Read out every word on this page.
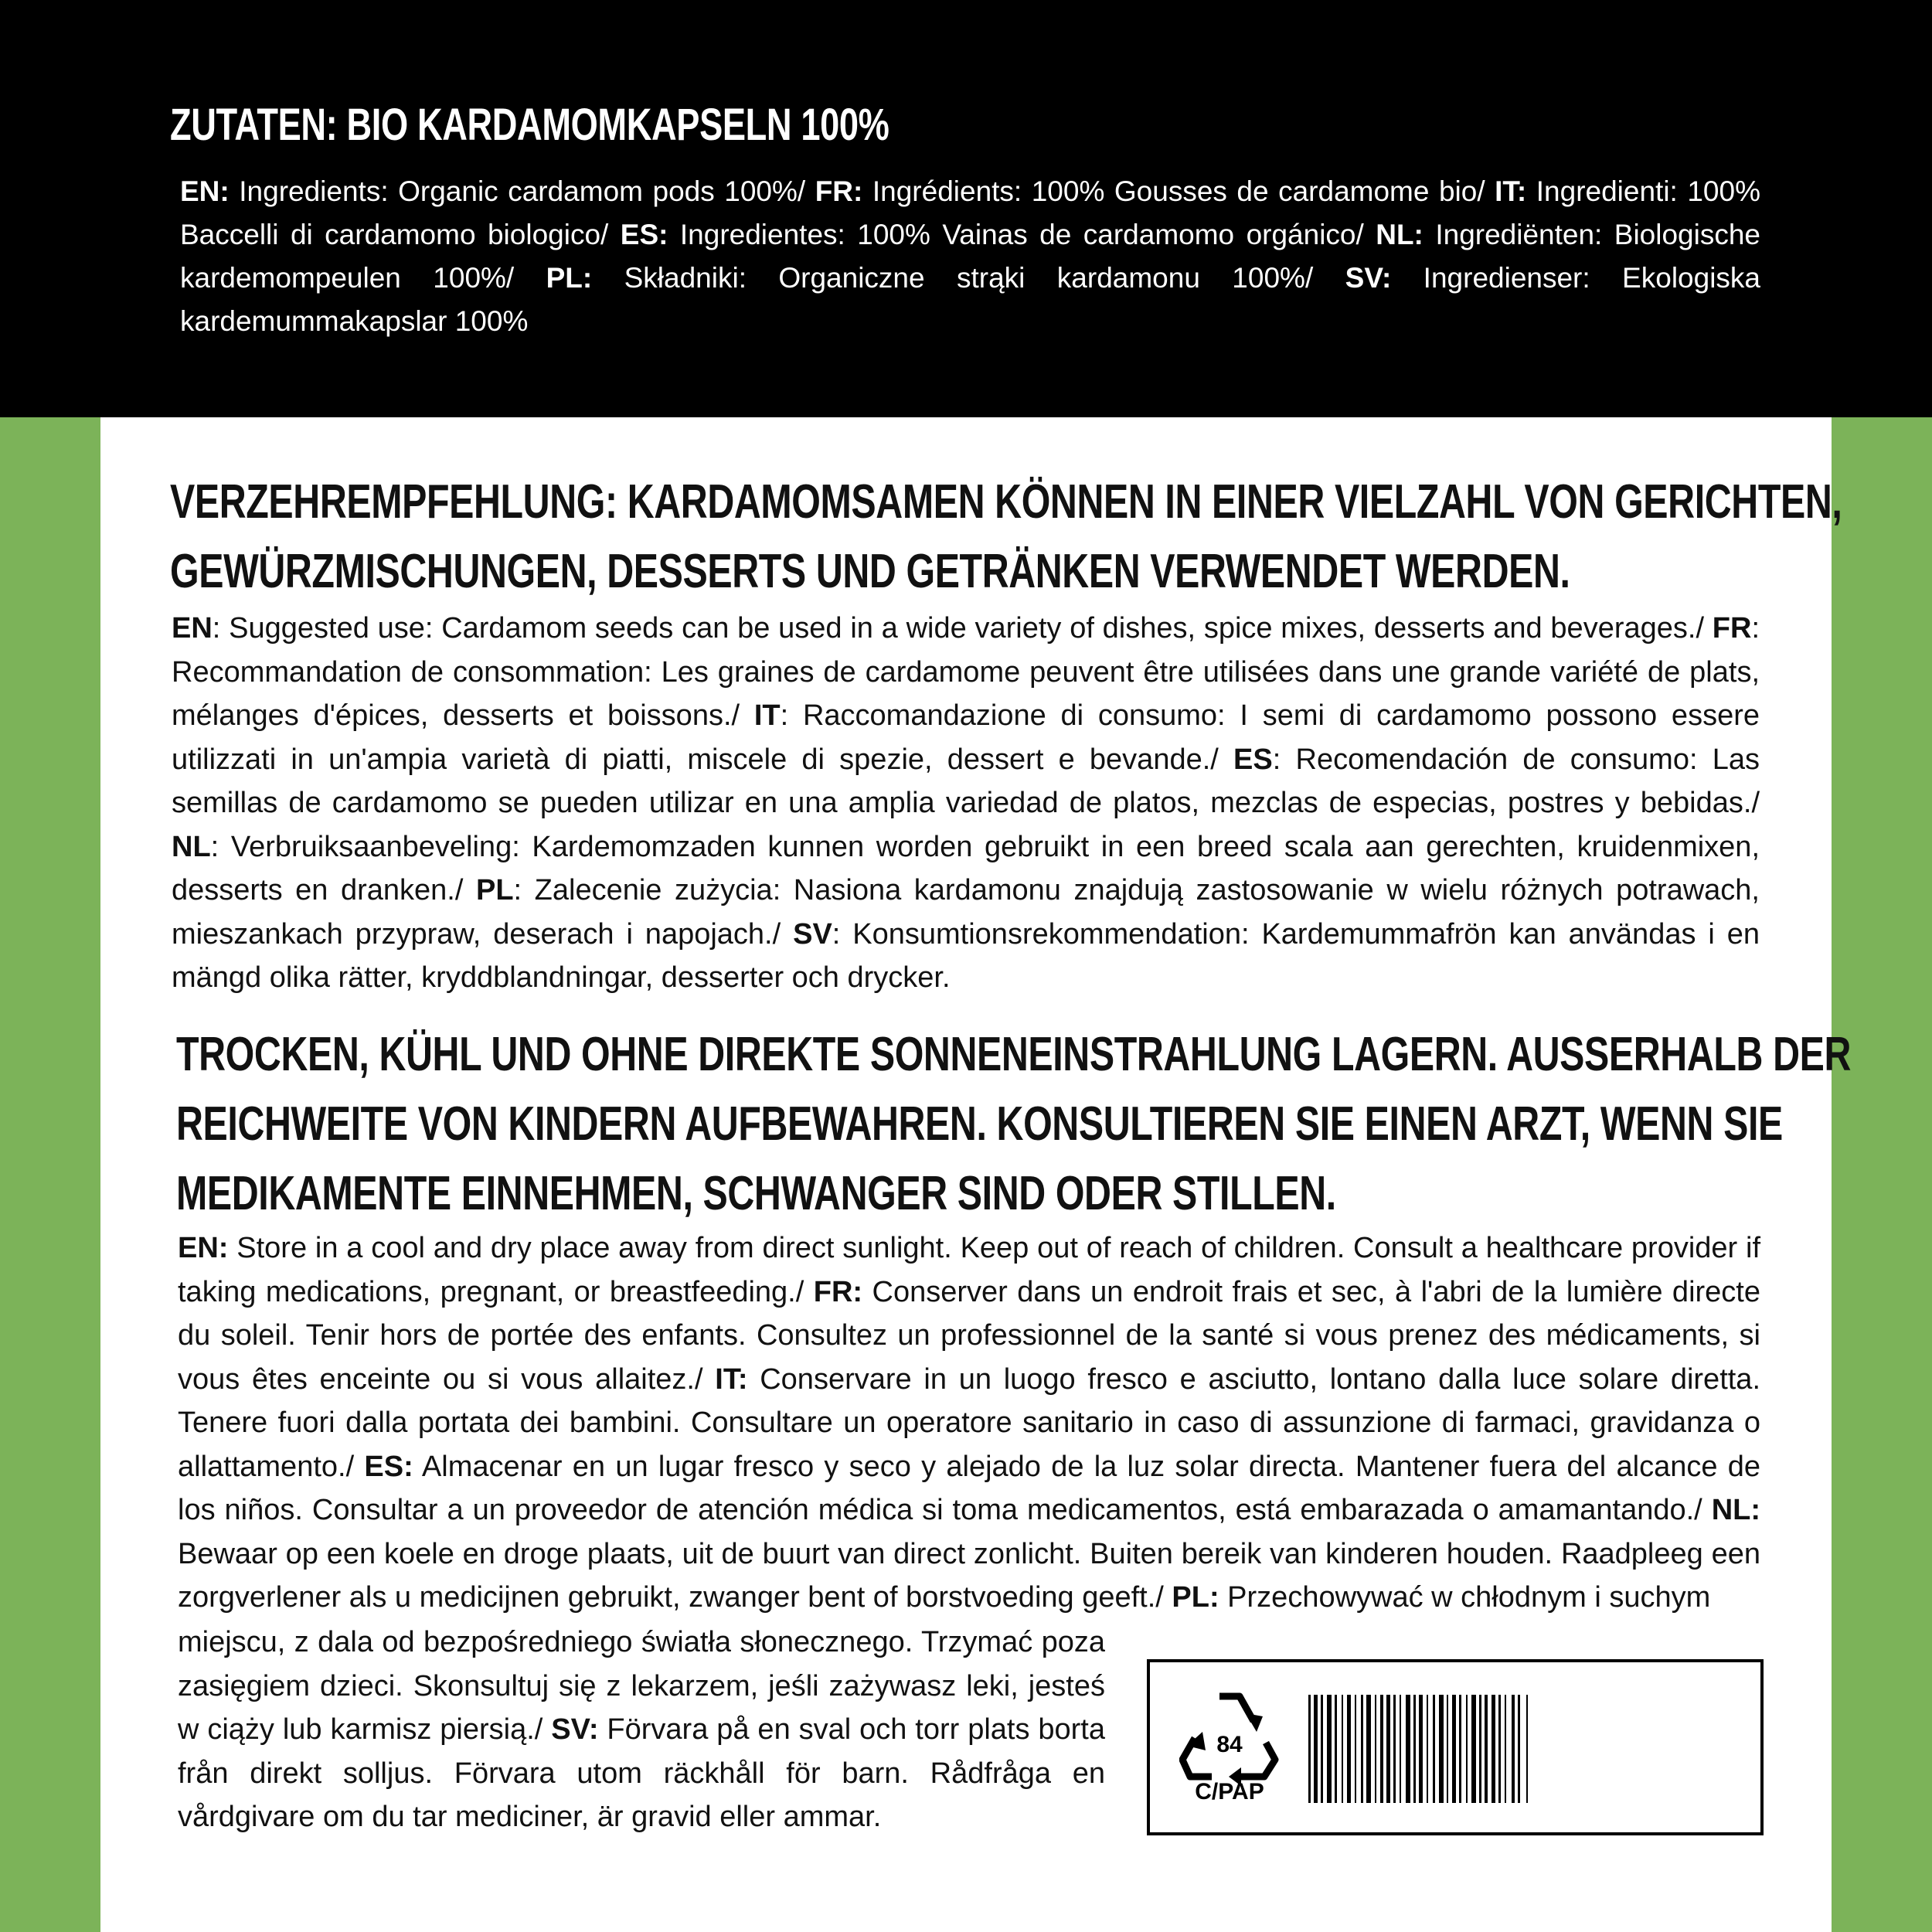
ZUTATEN: BIO KARDAMOMKAPSELN 100%
EN: Ingredients: Organic cardamom pods 100%/ FR: Ingrédients: 100% Gousses de cardamome bio/ IT: Ingredienti: 100% Baccelli di cardamomo biologico/ ES: Ingredientes: 100% Vainas de cardamomo orgánico/ NL: Ingrediënten: Biologische kardemompeulen 100%/ PL: Składniki: Organiczne strąki kardamonu 100%/ SV: Ingredienser: Ekologiska kardemummakapslar 100%
VERZEHREMPFEHLUNG: KARDAMOMSAMEN KÖNNEN IN EINER VIELZAHL VON GERICHTEN,
GEWÜRZMISCHUNGEN, DESSERTS UND GETRÄNKEN VERWENDET WERDEN.
EN: Suggested use: Cardamom seeds can be used in a wide variety of dishes, spice mixes, desserts and beverages./ FR: Recommandation de consommation: Les graines de cardamome peuvent être utilisées dans une grande variété de plats, mélanges d'épices, desserts et boissons./ IT: Raccomandazione di consumo: I semi di cardamomo possono essere utilizzati in un'ampia varietà di piatti, miscele di spezie, dessert e bevande./ ES: Recomendación de consumo: Las semillas de cardamomo se pueden utilizar en una amplia variedad de platos, mezclas de especias, postres y bebidas./ NL: Verbruiksaanbeveling: Kardemomzaden kunnen worden gebruikt in een breed scala aan gerechten, kruidenmixen, desserts en dranken./ PL: Zalecenie zużycia: Nasiona kardamonu znajdują zastosowanie w wielu różnych potrawach, mieszankach przypraw, deserach i napojach./ SV: Konsumtionsrekommendation: Kardemummafrön kan användas i en mängd olika rätter, kryddblandningar, desserter och drycker.
TROCKEN, KÜHL UND OHNE DIREKTE SONNENEINSTRAHLUNG LAGERN. AUSSERHALB DER
REICHWEITE VON KINDERN AUFBEWAHREN. KONSULTIEREN SIE EINEN ARZT, WENN SIE
MEDIKAMENTE EINNEHMEN, SCHWANGER SIND ODER STILLEN.
EN: Store in a cool and dry place away from direct sunlight. Keep out of reach of children. Consult a healthcare provider if taking medications, pregnant, or breastfeeding./ FR: Conserver dans un endroit frais et sec, à l'abri de la lumière directe du soleil. Tenir hors de portée des enfants. Consultez un professionnel de la santé si vous prenez des médicaments, si vous êtes enceinte ou si vous allaitez./ IT: Conservare in un luogo fresco e asciutto, lontano dalla luce solare diretta. Tenere fuori dalla portata dei bambini. Consultare un operatore sanitario in caso di assunzione di farmaci, gravidanza o allattamento./ ES: Almacenar en un lugar fresco y seco y alejado de la luz solar directa. Mantener fuera del alcance de los niños. Consultar a un proveedor de atención médica si toma medicamentos, está embarazada o amamantando./ NL: Bewaar op een koele en droge plaats, uit de buurt van direct zonlicht. Buiten bereik van kinderen houden. Raadpleeg een zorgverlener als u medicijnen gebruikt, zwanger bent of borstvoeding geeft./ PL: Przechowywać w chłodnym i suchym
miejscu, z dala od bezpośredniego światła słonecznego. Trzymać poza zasięgiem dzieci. Skonsultuj się z lekarzem, jeśli zażywasz leki, jesteś w ciąży lub karmisz piersią./ SV: Förvara på en sval och torr plats borta från direkt solljus. Förvara utom räckhåll för barn. Rådfråga en vårdgivare om du tar mediciner, är gravid eller ammar.
84
C/PAP
